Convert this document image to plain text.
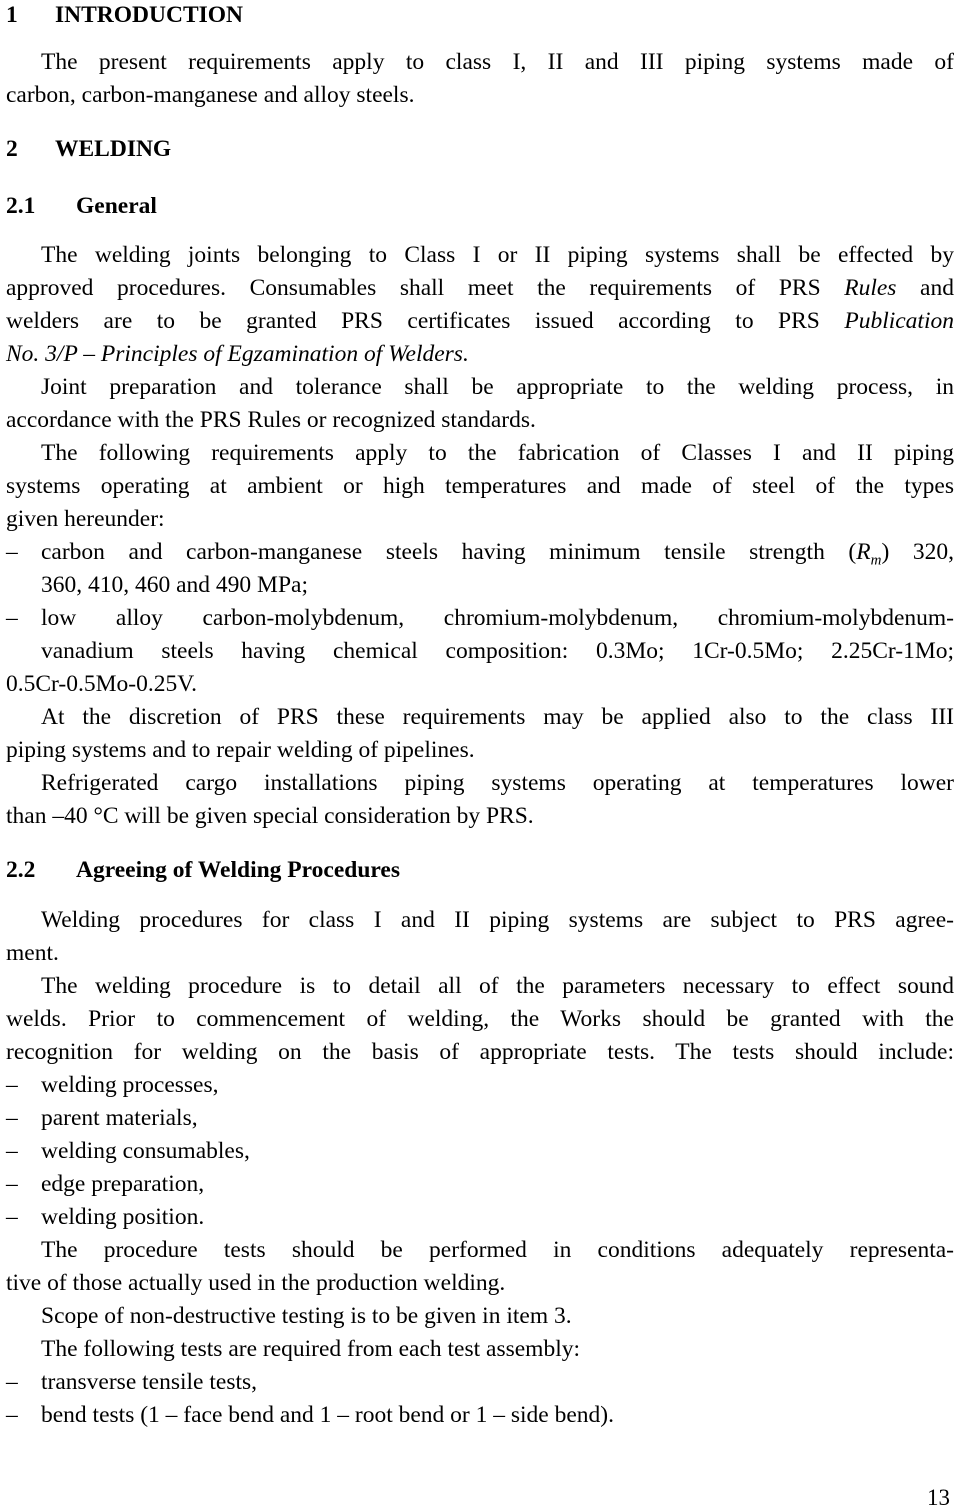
1 INTRODUCTION
The present requirements apply to class I, II and III piping systems made of
carbon, carbon-manganese and alloy steels.
2 WELDING
2.1 General
The welding joints belonging to Class I or II piping systems shall be effected by
approved procedures. Consumables shall meet the requirements of PRS Rules and
welders are to be granted PRS certificates issued according to PRS Publication
No. 3/P – Principles of Egzamination of Welders.
Joint preparation and tolerance shall be appropriate to the welding process, in
accordance with the PRS Rules or recognized standards.
The following requirements apply to the fabrication of Classes I and II piping
systems operating at ambient or high temperatures and made of steel of the types
given hereunder:
– carbon and carbon-manganese steels having minimum tensile strength $(R_m)$ 320,
360, 410, 460 and 490 MPa;
– low alloy carbon-molybdenum, chromium-molybdenum, chromium-molybdenum-
vanadium steels having chemical composition: 0.3Mo; 1Cr-0.5Mo; 2.25Cr-1Mo;
0.5Cr-0.5Mo-0.25V.
At the discretion of PRS these requirements may be applied also to the class III
piping systems and to repair welding of pipelines.
Refrigerated cargo installations piping systems operating at temperatures lower
than –40 °C will be given special consideration by PRS.
2.2 Agreeing of Welding Procedures
Welding procedures for class I and II piping systems are subject to PRS agree-
ment.
The welding procedure is to detail all of the parameters necessary to effect sound
welds. Prior to commencement of welding, the Works should be granted with the
recognition for welding on the basis of appropriate tests. The tests should include:
– welding processes,
– parent materials,
– welding consumables,
– edge preparation,
– welding position.
The procedure tests should be performed in conditions adequately representa-
tive of those actually used in the production welding.
Scope of non-destructive testing is to be given in item 3.
The following tests are required from each test assembly:
– transverse tensile tests,
– bend tests (1 – face bend and 1 – root bend or 1 – side bend).
13
